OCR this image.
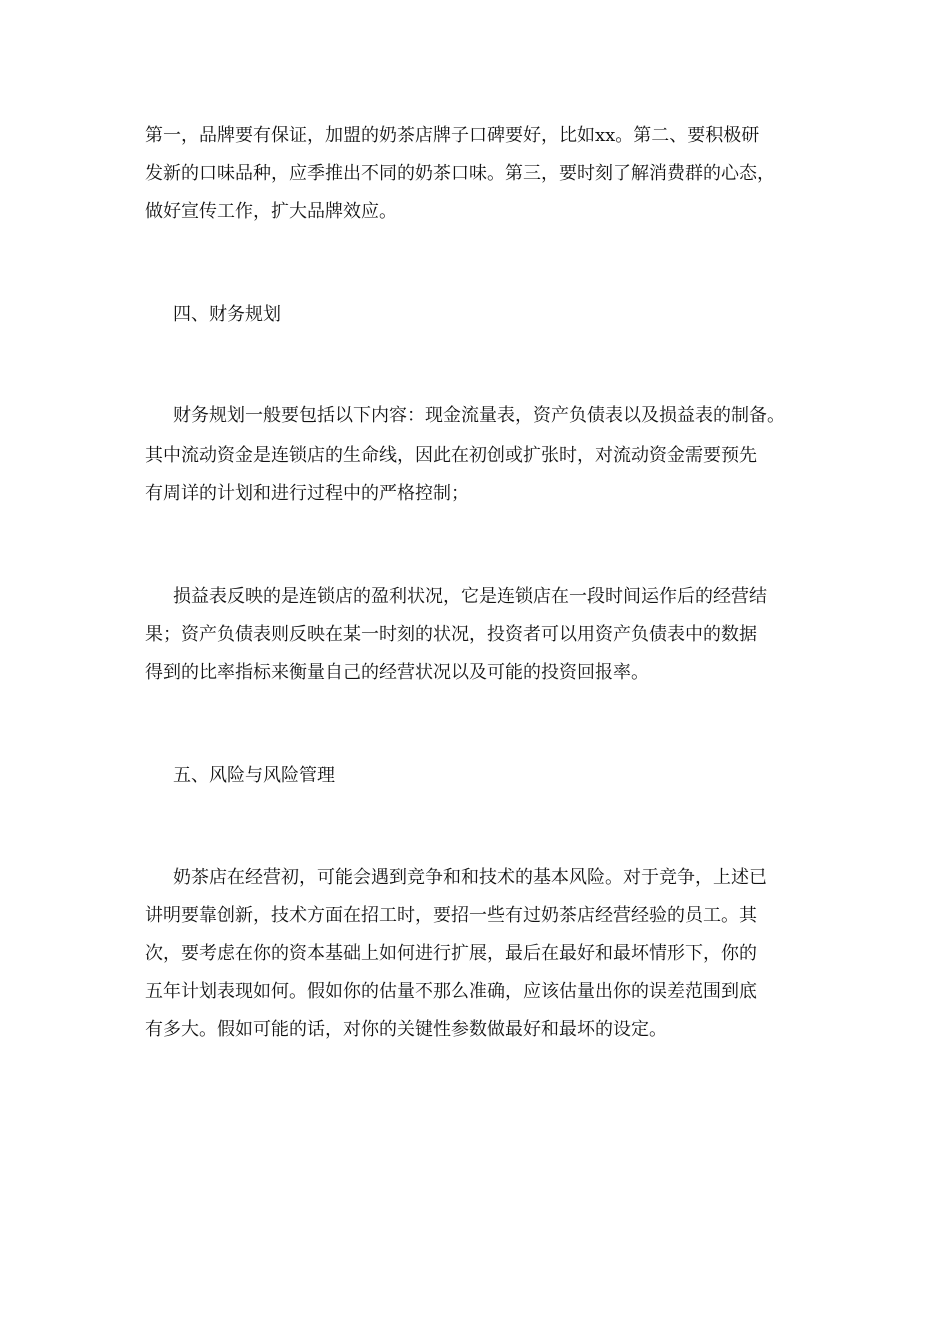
第一，品牌要有保证，加盟的奶茶店牌子口碑要好，比如xx。第二、要积极研
发新的口味品种，应季推出不同的奶茶口味。第三，要时刻了解消费群的心态，
做好宣传工作，扩大品牌效应。
四、财务规划
财务规划一般要包括以下内容：现金流量表，资产负债表以及损益表的制备。
其中流动资金是连锁店的生命线，因此在初创或扩张时，对流动资金需要预先
有周详的计划和进行过程中的严格控制；
损益表反映的是连锁店的盈利状况，它是连锁店在一段时间运作后的经营结
果；资产负债表则反映在某一时刻的状况，投资者可以用资产负债表中的数据
得到的比率指标来衡量自己的经营状况以及可能的投资回报率。
五、风险与风险管理
奶茶店在经营初，可能会遇到竞争和和技术的基本风险。对于竞争，上述已
讲明要靠创新，技术方面在招工时，要招一些有过奶茶店经营经验的员工。其
次，要考虑在你的资本基础上如何进行扩展，最后在最好和最坏情形下，你的
五年计划表现如何。假如你的估量不那么准确，应该估量出你的误差范围到底
有多大。假如可能的话，对你的关键性参数做最好和最坏的设定。
